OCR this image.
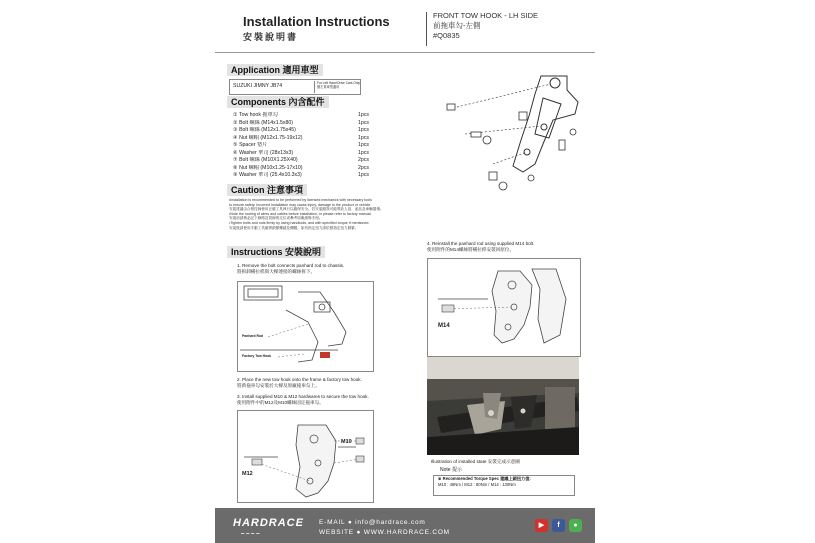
Installation Instructions
安裝說明書
FRONT TOW HOOK - LH SIDE
前拖車勾-左側
#Q0835
Application 適用車型
SUZUKI JIMNY JB74	For Left Hand Drive Cars Only
僅左駕車型適用
Components 內含配件
① Tow hook 拖車勾	1pcs
② Bolt 螺絲 (M14x1.5x80)	1pcs
③ Bolt 螺絲 (M12x1.75x45)	1pcs
④ Nut 螺帽 (M12x1.75-19x12)	1pcs
⑤ Spacer 墊片	1pcs
⑥ Washer 華司 (28x13x3)	1pcs
⑦ Bolt 螺絲 (M10X1.25X40)	2pcs
⑧ Nut 螺帽 (M10x1.25-17x10)	2pcs
⑨ Washer 華司 (25.4x10.3x3)	1pcs
Caution 注意事項
•Installation is recommended to be performed by licensed mechanics with necessary tools
to ensure safety. Incorrect installation may cause injury, damage to the product or vehicle.
安裝建議由合格技師使用正確工具執行以確保安全。若安裝錯誤可能導致人員、產品及車輛損傷。
•Note the routing of wires and cables before installation, or please refer to factory manual.
安裝前請務必記下線路及管線的走位或參考原廠維修手冊。
•Tighten bolts and nuts firmly by using handtools, and with specified torque if mentioned.
安裝後請使用手動工具確實鎖緊螺絲及螺帽，如有指定扭力請依照指定扭力鎖緊。
Instructions 安裝說明
1. Remove the bolt connects panhard rod to chassis.
將拆卸橫拉桿與大樑連接的螺絲拆下。
Panhard Rod
Factory Tow Hook
2. Place the new tow hook onto the frame & factory tow hook.
將新拖車勾安裝於大樑及原廠拖車勾上。
3. Install supplied M10 & M12 hardwares to secure the tow hook.
使用附件中的M12及M10螺絲固定拖車勾。
M10
M12
4. Reinstall the panhard rod using supplied M14 bolt.
使用附件的M14螺絲將橫拉桿安裝回原位。
M14
Illustration of installed state 安裝完成示意圖
Note 提示
※ Recommended Torque Spec 建議上鎖扭力值:
M10 : 46Nm / M12 : 80Nm / M14 : 130Nm
HARDRACE
▬ ▬ ▬ ▬
E-MAIL ● info@hardrace.com
WEBSITE ● WWW.HARDRACE.COM
▶	f	●
